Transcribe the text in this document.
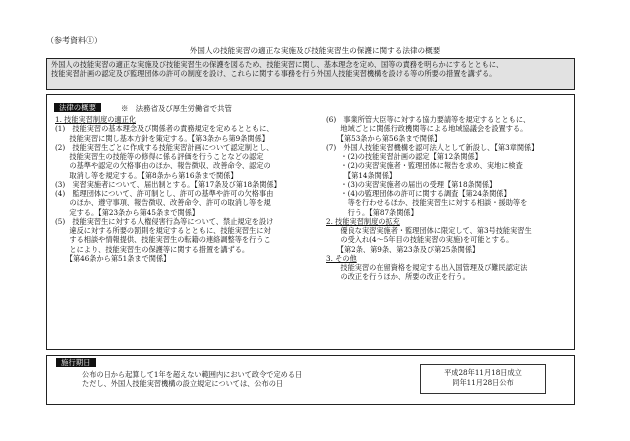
（参考資料①）
外国人の技能実習の適正な実施及び技能実習生の保護に関する法律の概要
外国人の技能実習の適正な実施及び技能実習生の保護を図るため、技能実習に関し、基本理念を定め、国等の責務を明らかにするとともに、
技能実習計画の認定及び監理団体の許可の制度を設け、これらに関する事務を行う外国人技能実習機構を設ける等の所要の措置を講ずる。
法律の概要	※　法務省及び厚生労働省で共管
1. 技能実習制度の適正化
(1)　技能実習の基本理念及び関係者の責務規定を定めるとともに、
　　技能実習に関し基本方針を策定する。【第3条から第9条関係】
(2)　技能実習生ごとに作成する技能実習計画について認定制とし、
　　技能実習生の技能等の修得に係る評価を行うことなどの認定
　　の基準や認定の欠格事由のほか、報告徴収、改善命令、認定の
　　取消し等を規定する。【第8条から第16条まで関係】
(3)　実習実施者について、届出制とする。【第17条及び第18条関係】
(4)　監理団体について、許可制とし、許可の基準や許可の欠格事由
　　のほか、遵守事項、報告徴収、改善命令、許可の取消し等を規
　　定する。【第23条から第45条まで関係】
(5)　技能実習生に対する人権侵害行為等について、禁止規定を設け
　　違反に対する所要の罰則を規定するとともに、技能実習生に対
　　する相談や情報提供、技能実習生の転籍の連絡調整等を行うこ
　　とにより、技能実習生の保護等に関する措置を講ずる。
　　【第46条から第51条まで関係】
(6)　事業所管大臣等に対する協力要請等を規定するとともに、
　　地域ごとに関係行政機関等による地域協議会を設置する。
　　【第53条から第56条まで関係】
(7)　外国人技能実習機構を認可法人として新設し、【第3章関係】
　　・(2)の技能実習計画の認定【第12条関係】
　　・(2)の実習実施者・監理団体に報告を求め、実地に検査
　　　【第14条関係】
　　・(3)の実習実施者の届出の受理【第18条関係】
　　・(4)の監理団体の許可に関する調査【第24条関係】
　　　等を行わせるほか、技能実習生に対する相談・援助等を
　　　行う。【第87条関係】
2. 技能実習制度の拡充
　　優良な実習実施者・監理団体に限定して、第3号技能実習生
　　の受入れ(4〜5年目の技能実習の実施)を可能とする。
　　【第2条、第9条、第23条及び第25条関係】
3. その他
　　技能実習の在留資格を規定する出入国管理及び難民認定法
　　の改正を行うほか、所要の改正を行う。
施行期日
公布の日から起算して1年を超えない範囲内において政令で定める日
ただし、外国人技能実習機構の設立規定については、公布の日
平成28年11月18日成立
同年11月28日公布
